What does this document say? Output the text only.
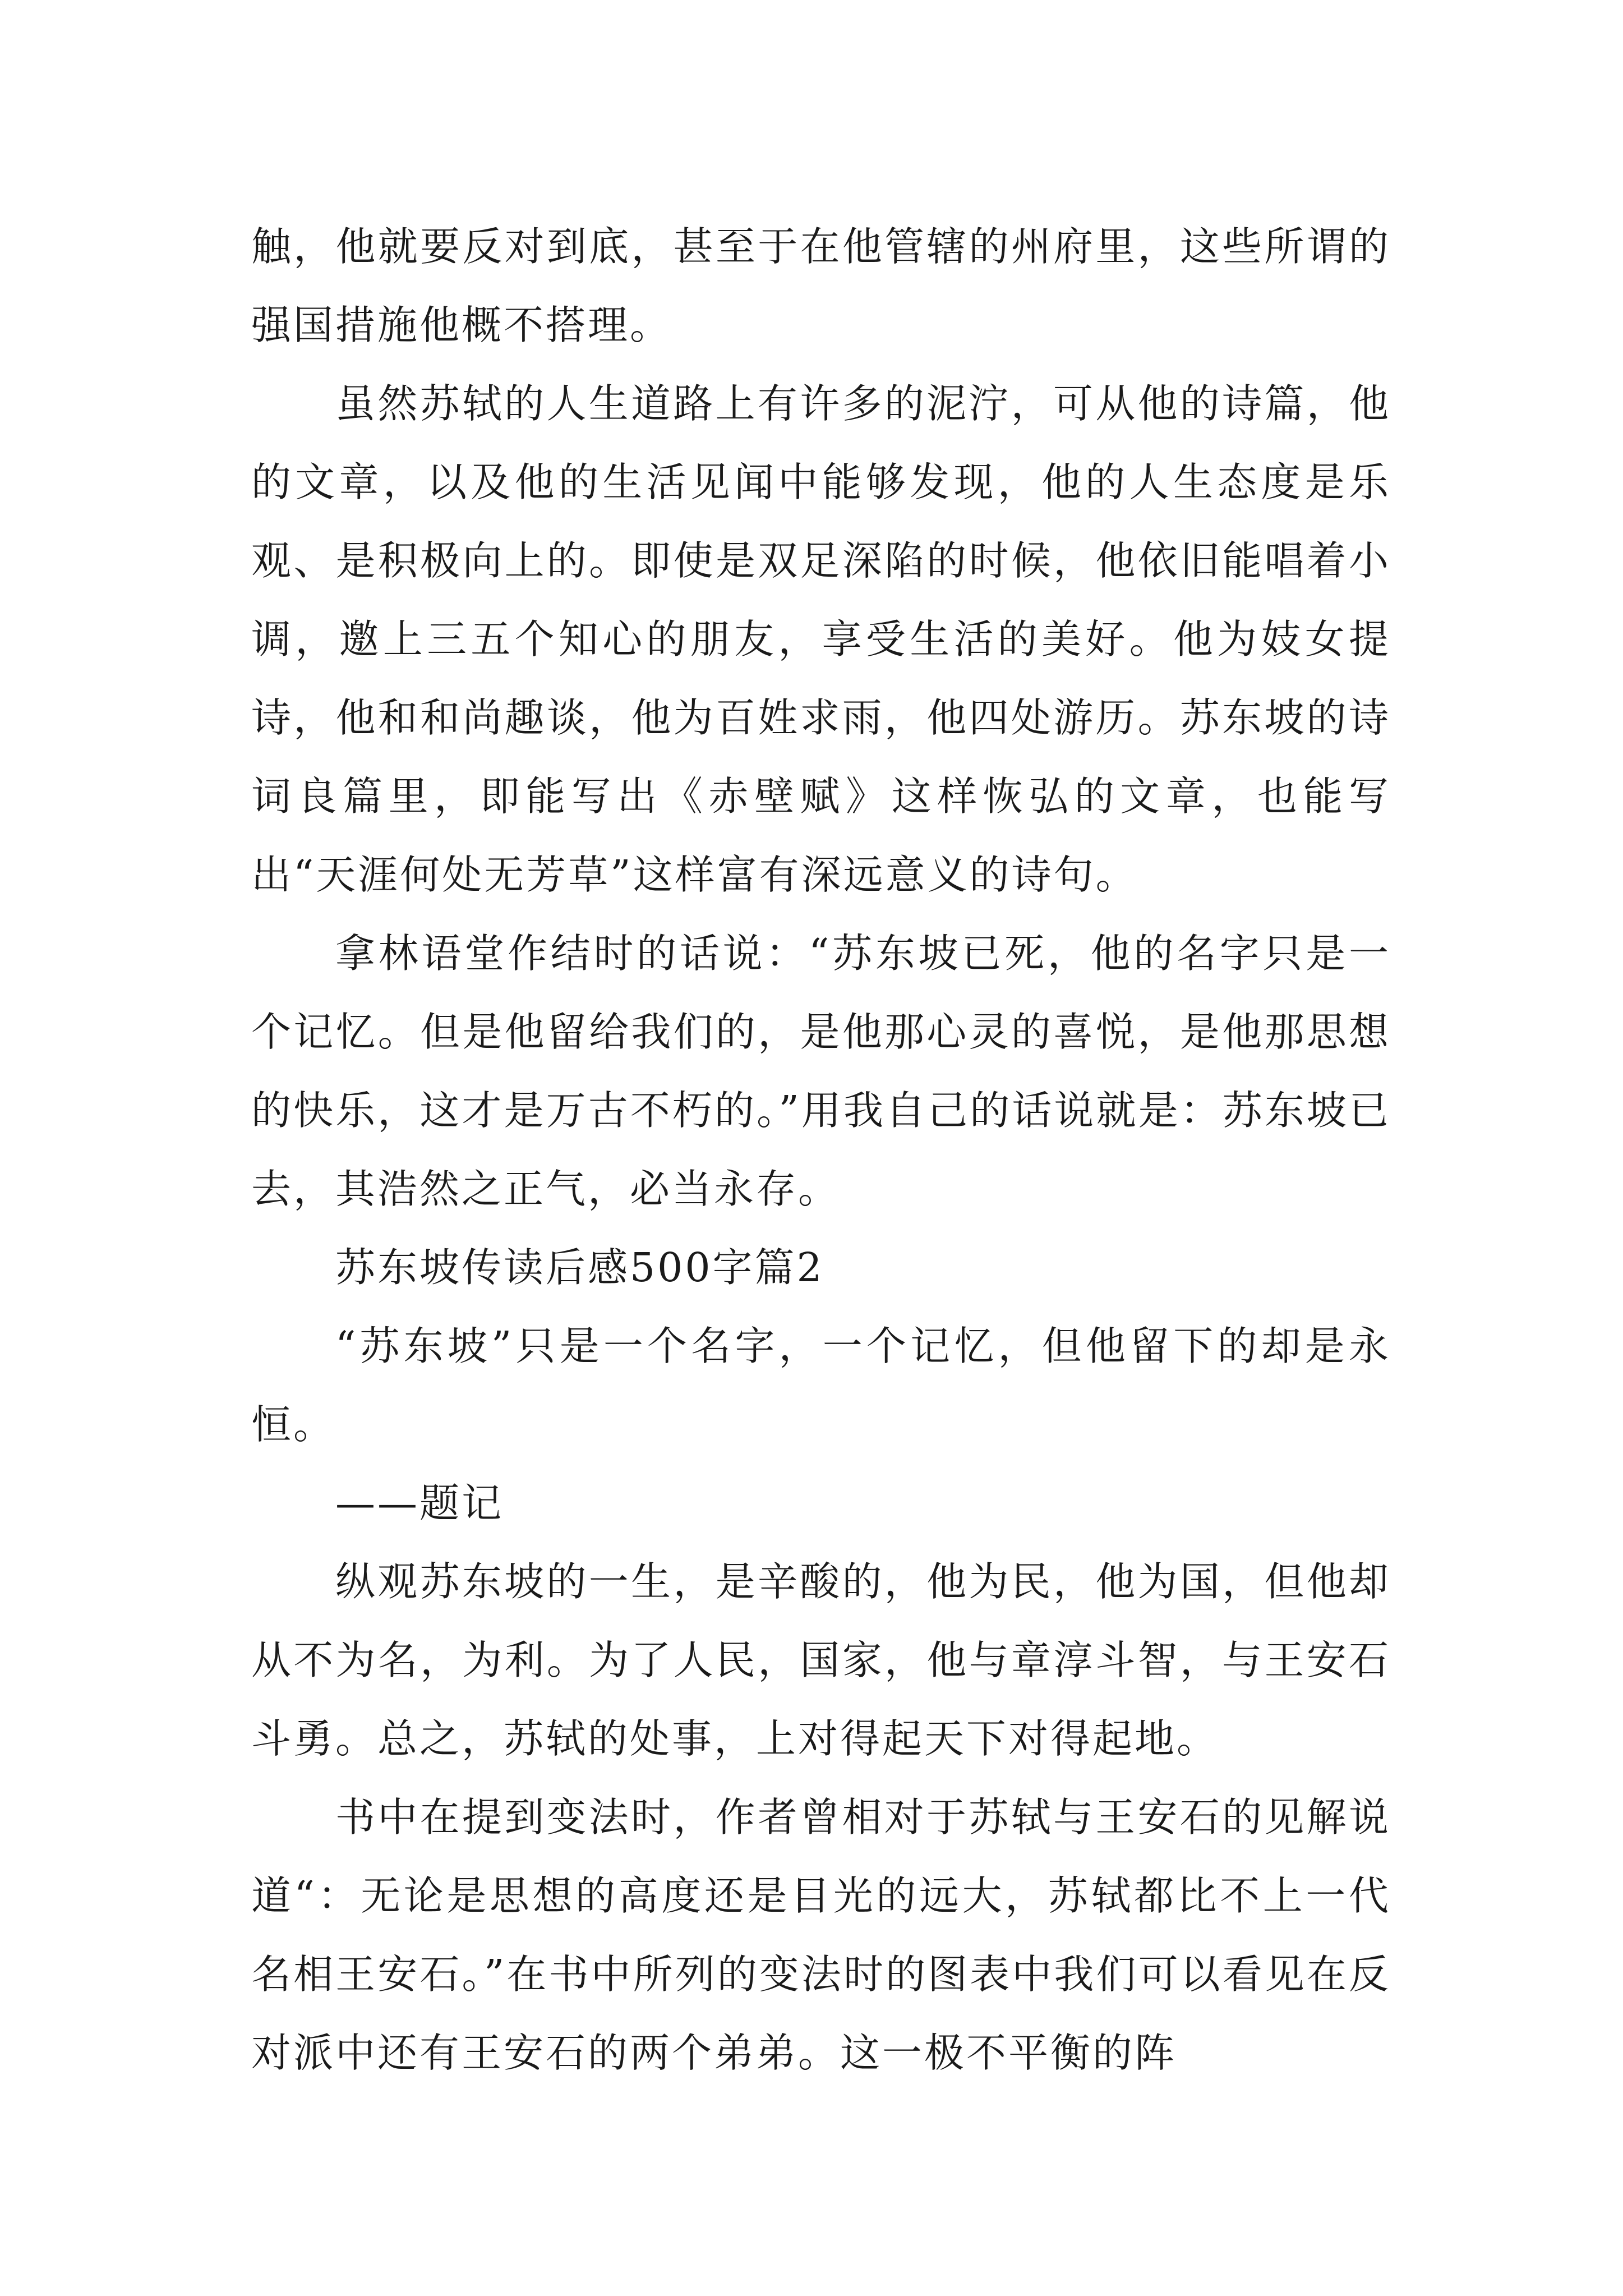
触，他就要反对到底，甚至于在他管辖的州府里，这些所谓的强国措施他概不搭理。

虽然苏轼的人生道路上有许多的泥泞，可从他的诗篇，他的文章，以及他的生活见闻中能够发现，他的人生态度是乐观、是积极向上的。即使是双足深陷的时候，他依旧能唱着小调，邀上三五个知心的朋友，享受生活的美好。他为妓女提诗，他和和尚趣谈，他为百姓求雨，他四处游历。苏东坡的诗词良篇里，即能写出《赤壁赋》这样恢弘的文章，也能写出“天涯何处无芳草”这样富有深远意义的诗句。

拿林语堂作结时的话说：“苏东坡已死，他的名字只是一个记忆。但是他留给我们的，是他那心灵的喜悦，是他那思想的快乐，这才是万古不朽的。”用我自己的话说就是：苏东坡已去，其浩然之正气，必当永存。

苏东坡传读后感500字篇2

“苏东坡”只是一个名字，一个记忆，但他留下的却是永恒。

——题记

纵观苏东坡的一生，是辛酸的，他为民，他为国，但他却从不为名，为利。为了人民，国家，他与章淳斗智，与王安石斗勇。总之，苏轼的处事，上对得起天下对得起地。

书中在提到变法时，作者曾相对于苏轼与王安石的见解说道“：无论是思想的高度还是目光的远大，苏轼都比不上一代名相王安石。”在书中所列的变法时的图表中我们可以看见在反对派中还有王安石的两个弟弟。这一极不平衡的阵
